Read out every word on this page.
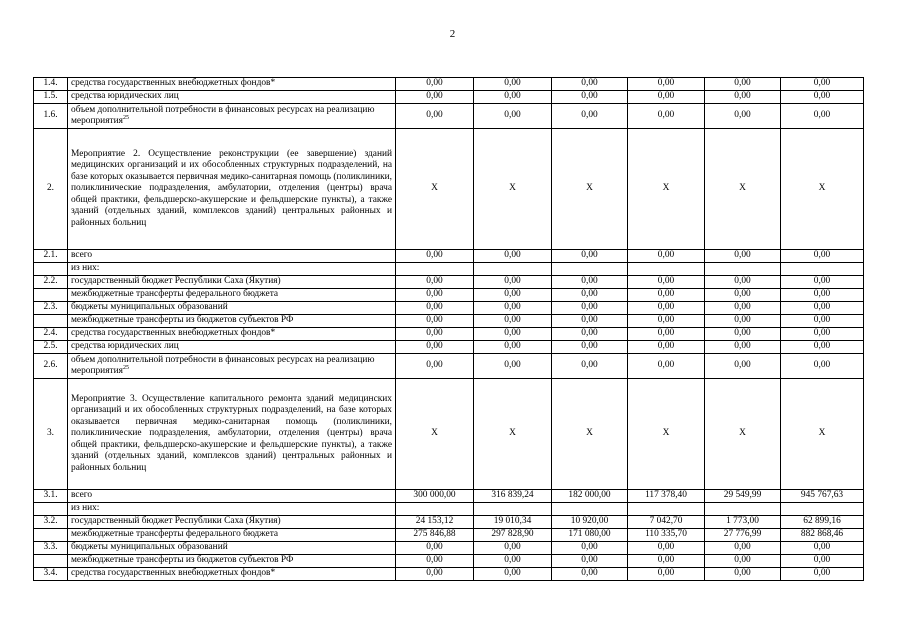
2
1.4.	средства государственных внебюджетных фондов*	0,00	0,00	0,00	0,00	0,00	0,00
1.5.	средства юридических лиц	0,00	0,00	0,00	0,00	0,00	0,00
1.6.	объем дополнительной потребности в финансовых ресурсах на реализацию мероприятия$^{25}$	0,00	0,00	0,00	0,00	0,00	0,00
2.	Мероприятие 2. Осуществление реконструкции (ее завершение) зданий медицинских организаций и их обособленных структурных подразделений, на базе которых оказывается первичная медико-санитарная помощь (поликлиники, поликлинические подразделения, амбулатории, отделения (центры) врача общей практики, фельдшерско-акушерские и фельдшерские пункты), а также зданий (отдельных зданий, комплексов зданий) центральных районных и районных больниц	Х	Х	Х	Х	Х	Х
2.1.	всего	0,00	0,00	0,00	0,00	0,00	0,00
	из них:						
2.2.	государственный бюджет Республики Саха (Якутия)	0,00	0,00	0,00	0,00	0,00	0,00
	межбюджетные трансферты федерального бюджета	0,00	0,00	0,00	0,00	0,00	0,00
2.3.	бюджеты муниципальных образований	0,00	0,00	0,00	0,00	0,00	0,00
	межбюджетные трансферты из бюджетов субъектов РФ	0,00	0,00	0,00	0,00	0,00	0,00
2.4.	средства государственных внебюджетных фондов*	0,00	0,00	0,00	0,00	0,00	0,00
2.5.	средства юридических лиц	0,00	0,00	0,00	0,00	0,00	0,00
2.6.	объем дополнительной потребности в финансовых ресурсах на реализацию мероприятия$^{25}$	0,00	0,00	0,00	0,00	0,00	0,00
3.	Мероприятие 3. Осуществление капитального ремонта зданий медицинских организаций и их обособленных структурных подразделений, на базе которых оказывается первичная медико-санитарная помощь (поликлиники, поликлинические подразделения, амбулатории, отделения (центры) врача общей практики, фельдшерско-акушерские и фельдшерские пункты), а также зданий (отдельных зданий, комплексов зданий) центральных районных и районных больниц	Х	Х	Х	Х	Х	Х
3.1.	всего	300 000,00	316 839,24	182 000,00	117 378,40	29 549,99	945 767,63
	из них:						
3.2.	государственный бюджет Республики Саха (Якутия)	24 153,12	19 010,34	10 920,00	7 042,70	1 773,00	62 899,16
	межбюджетные трансферты федерального бюджета	275 846,88	297 828,90	171 080,00	110 335,70	27 776,99	882 868,46
3.3.	бюджеты муниципальных образований	0,00	0,00	0,00	0,00	0,00	0,00
	межбюджетные трансферты из бюджетов субъектов РФ	0,00	0,00	0,00	0,00	0,00	0,00
3.4.	средства государственных внебюджетных фондов*	0,00	0,00	0,00	0,00	0,00	0,00
